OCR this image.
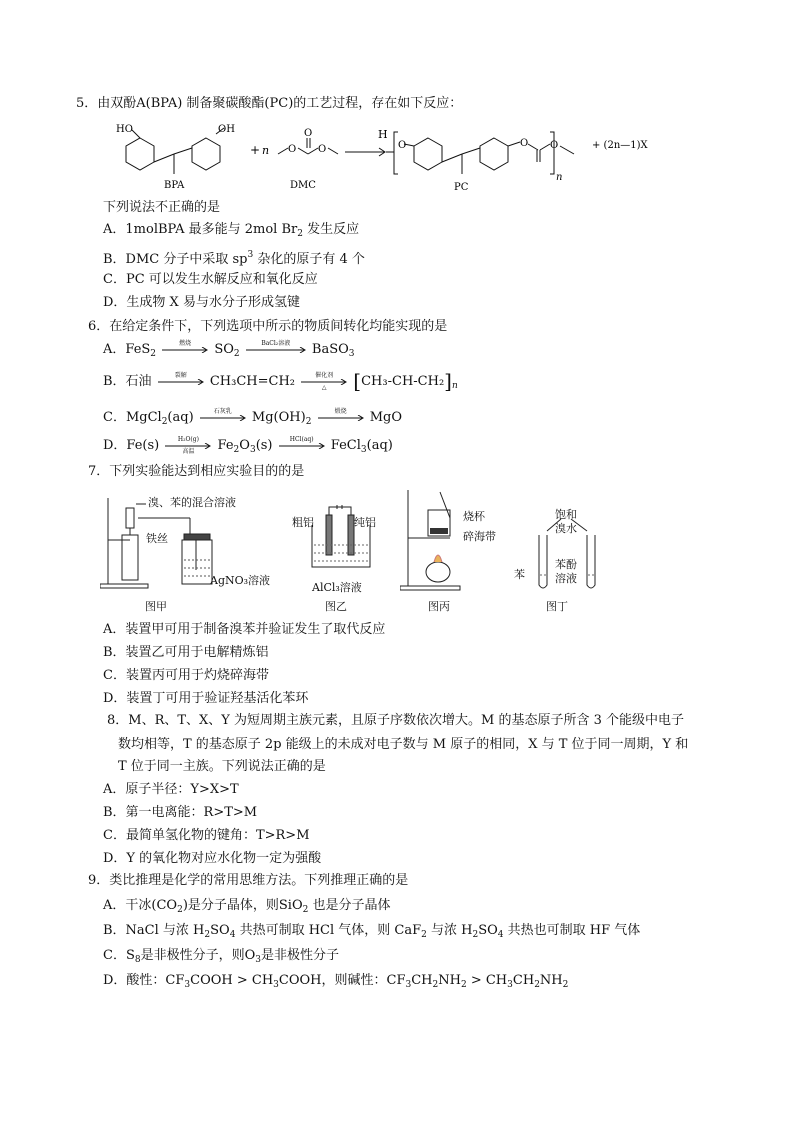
5．由双酚A(BPA) 制备聚碳酸酯(PC)的工艺过程，存在如下反应：
HO	OH
BPA
+ n O
O
O
DMC
H
O	O O
n
PC
+ (2n—1)X
下列说法不正确的是
A．1molBPA 最多能与 2mol $Br_2$ 发生反应
B．DMC 分子中采取 $sp^3$ 杂化的原子有 4 个
C．PC 可以发生水解反应和氧化反应
D．生成物 X 易与水分子形成氢键
6．在给定条件下，下列选项中所示的物质间转化均能实现的是
A．FeS$_2$
燃烧	$SO_2$
BaCl₂溶液	BaSO$_3$
B．石油	裂解	CH₃CH=CH₂	催化剂
△	$[CH_3-CH-CH_2]_n$
C．MgCl$_2$(aq)	石灰乳	$Mg(OH)_2$
煅烧	MgO
D．Fe(s)	H₂O(g)
高温	$Fe_2O_3(s)$	HCl(aq)	FeCl$_3$(aq)
7．下列实验能达到相应实验目的的是
溴、苯的混合溶液
铁丝
AgNO₃溶液
图甲
粗铝	纯铝
AlCl₃溶液
图乙
烧杯
碎海带
图丙
饱和
溴水
苯
苯酚
溶液
图丁
A．装置甲可用于制备溴苯并验证发生了取代反应
B．装置乙可用于电解精炼铝
C．装置丙可用于灼烧碎海带
D．装置丁可用于验证羟基活化苯环
8．M、R、T、X、Y 为短周期主族元素，且原子序数依次增大。M 的基态原子所含 3 个能级中电子
数均相等，T 的基态原子 2p 能级上的未成对电子数与 M 原子的相同，X 与 T 位于同一周期，Y 和
T 位于同一主族。下列说法正确的是
A．原子半径：Y>X>T
B．第一电离能：R>T>M
C．最简单氢化物的键角：T>R>M
D．Y 的氧化物对应水化物一定为强酸
9．类比推理是化学的常用思维方法。下列推理正确的是
A．干冰$(CO_2)$是分子晶体，则SiO$_2$ 也是分子晶体
B．NaCl 与浓 $H_2SO_4$ 共热可制取 HCl 气体，则 CaF$_2$ 与浓 $H_2SO_4$ 共热也可制取 HF 气体
C．$S_8$是非极性分子，则$O_3$是非极性分子
D．酸性：$CF_3COOH$ > $CH_3COOH$，则碱性：$CF_3CH_2NH_2 > CH_3CH_2NH_2$
